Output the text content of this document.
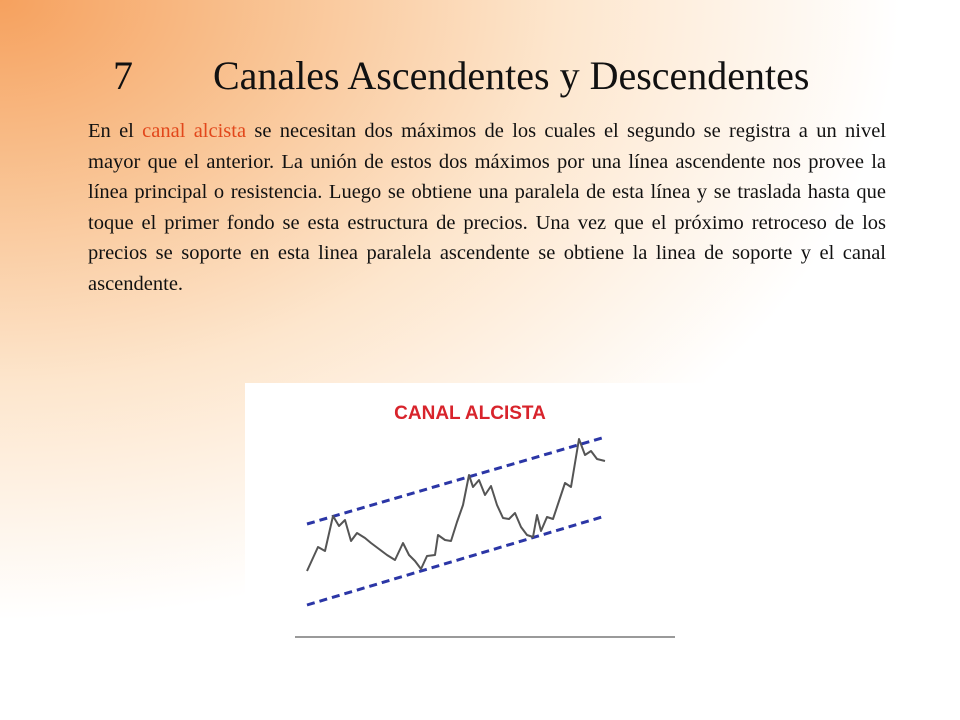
7 Canales Ascendentes y Descendentes
En el canal alcista se necesitan dos máximos de los cuales el segundo se registra a un nivel mayor que el anterior. La unión de estos dos máximos por una línea ascendente nos provee la línea principal o resistencia. Luego se obtiene una paralela de esta línea y se traslada hasta que toque el primer fondo se esta estructura de precios. Una vez que el próximo retroceso de los precios se soporte en esta linea paralela ascendente se obtiene la linea de soporte y el canal ascendente.
CANAL ALCISTA
